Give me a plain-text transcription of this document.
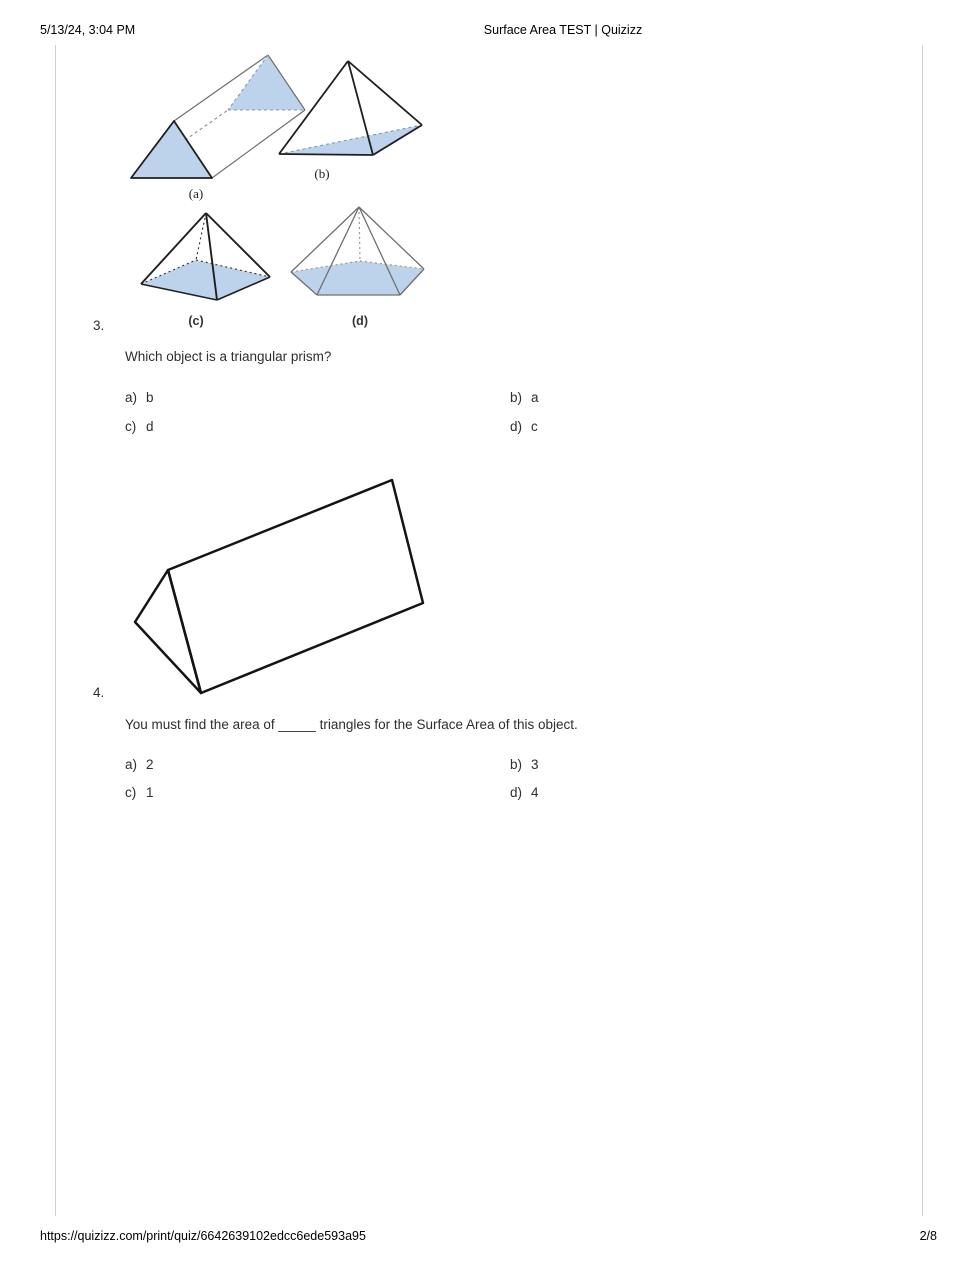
5/13/24, 3:04 PM	Surface Area TEST | Quizizz
(a)
(b)
(c)	(d)
3.
Which object is a triangular prism?
a) b	b) a
c) d	d) c
4.
You must find the area of _____ triangles for the Surface Area of this object.
a) 2	b) 3
c) 1	d) 4
https://quizizz.com/print/quiz/6642639102edcc6ede593a95	2/8
